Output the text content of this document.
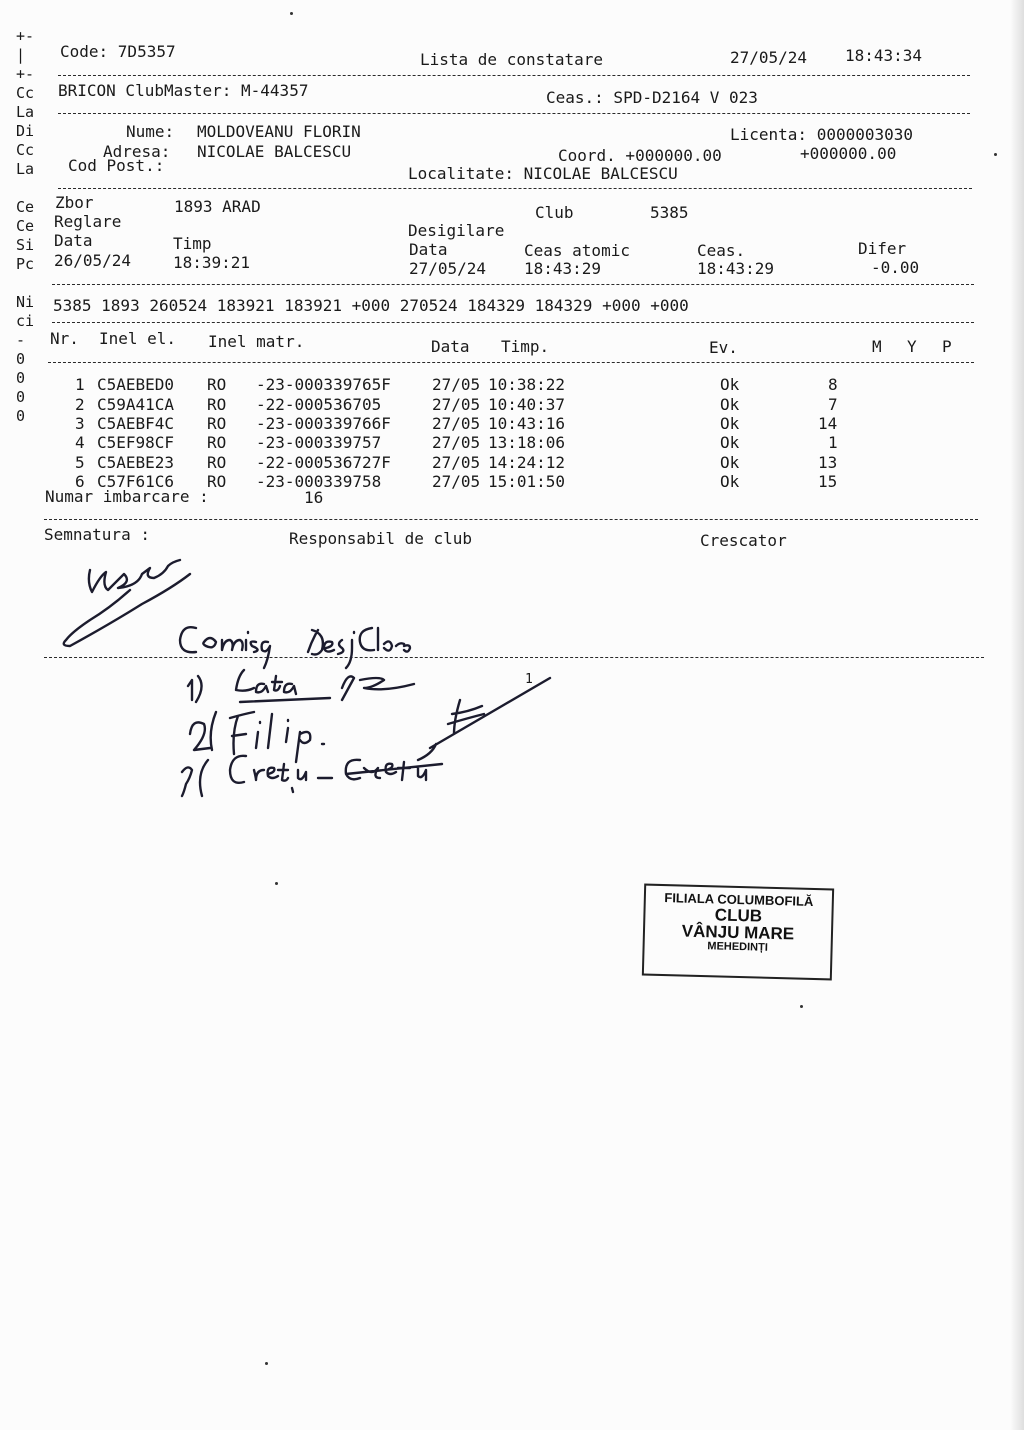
+-
|
+-
Cc
La
Di
Cc
La

Ce
Ce
Si
Pc

Ni
ci
-
0
0
0
0
Code: 7D5357	Lista de constatare	27/05/24 18:43:34
BRICON ClubMaster: M-44357	Ceas.: SPD-D2164 V 023
Nume: MOLDOVEANU FLORIN	Licenta: 0000003030
Adresa: NICOLAE BALCESCU	Coord. +000000.00	+000000.00
Cod Post.:	Localitate: NICOLAE BALCESCU
Zbor	1893 ARAD	Club	5385
Reglare	Desigilare
Data	Timp	Data	Ceas atomic	Ceas.	Difer
26/05/24	18:39:21	27/05/24 18:43:29	18:43:29	-0.00
5385 1893 260524 183921 183921 +000 270524 184329 184329 +000 +000
Nr. Inel el. Inel matr.	Data Timp.	Ev.	M Y P
1 C5AEBED0 RO -23-000339765F	27/05 10:38:22	Ok	8
2 C59A41CA RO -22-000536705	27/05 10:40:37	Ok	7
3 C5AEBF4C RO -23-000339766F	27/05 10:43:16	Ok	14
4 C5EF98CF RO -23-000339757	27/05 13:18:06	Ok	1
5 C5AEBE23 RO -22-000536727F	27/05 14:24:12	Ok	13
6 C57F61C6 RO -23-000339758	27/05 15:01:50	Ok	15
Numar imbarcare :	16
Semnatura :	Responsabil de club	Crescator
1
FILIALA COLUMBOFILĂ
CLUB
VÂNJU MARE
MEHEDINȚI
